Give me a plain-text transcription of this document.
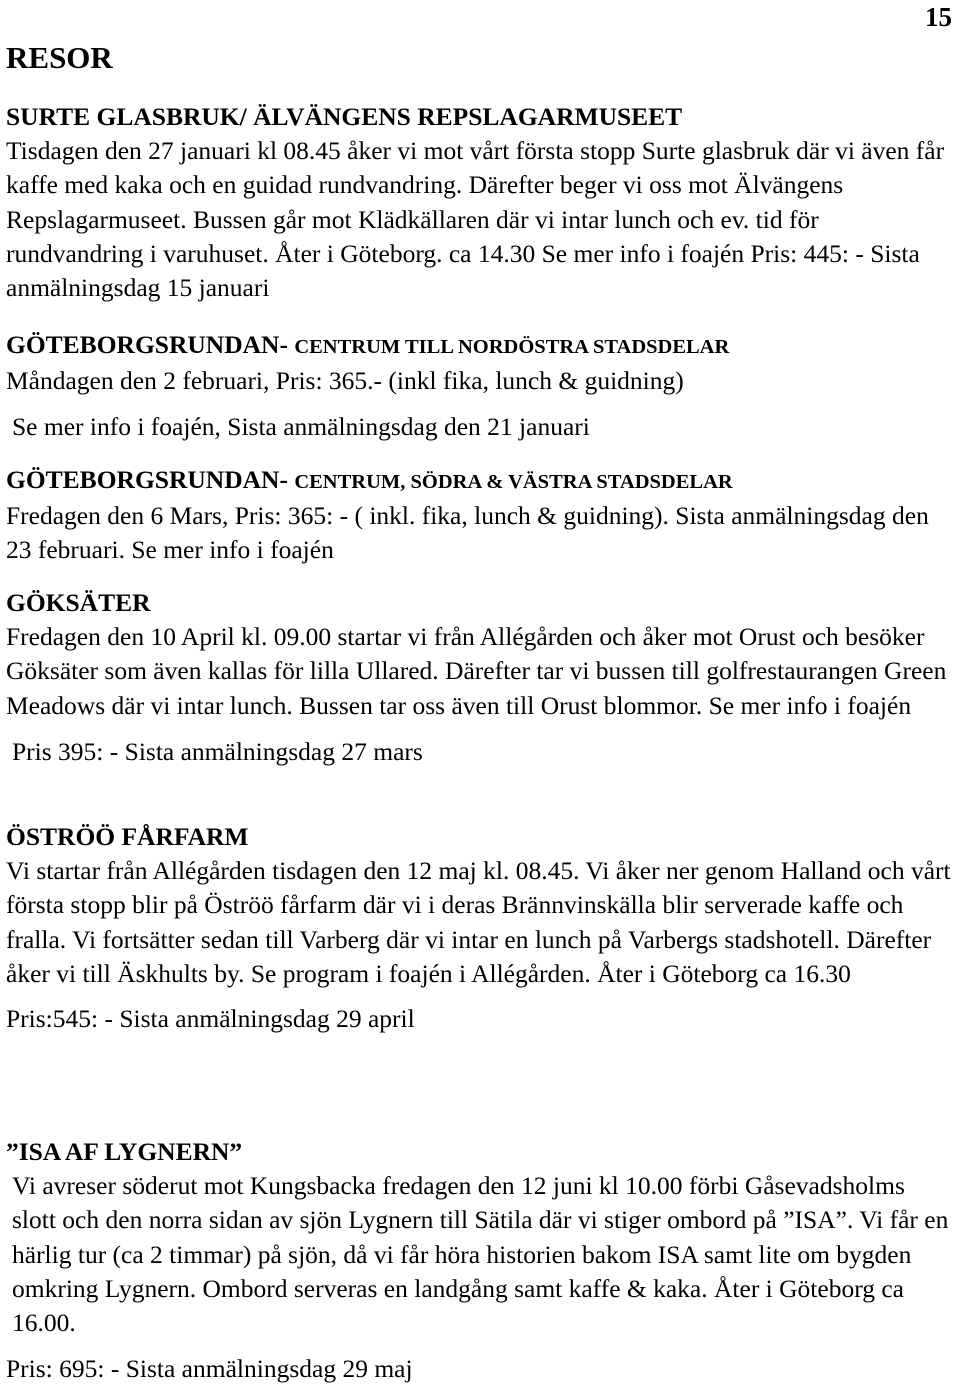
15
RESOR
SURTE GLASBRUK/ ÄLVÄNGENS REPSLAGARMUSEET

Tisdagen den 27 januari kl 08.45 åker vi mot vårt första stopp Surte glasbruk där vi även får kaffe med kaka och en guidad rundvandring. Därefter beger vi oss mot Älvängens Repslagarmuseet. Bussen går mot Klädkällaren där vi intar lunch och ev. tid för rundvandring i varuhuset. Åter i Göteborg. ca 14.30 Se mer info i foajén Pris: 445: - Sista anmälningsdag 15 januari

GÖTEBORGSRUNDAN- CENTRUM TILL NORDÖSTRA STADSDELAR

Måndagen den 2 februari, Pris: 365.- (inkl fika, lunch & guidning)

Se mer info i foajén, Sista anmälningsdag den 21 januari

GÖTEBORGSRUNDAN- CENTRUM, SÖDRA & VÄSTRA STADSDELAR

Fredagen den 6 Mars, Pris: 365: - ( inkl. fika, lunch & guidning). Sista anmälningsdag den 23 februari. Se mer info i foajén

GÖKSÄTER

Fredagen den 10 April kl. 09.00 startar vi från Allégården och åker mot Orust och besöker Göksäter som även kallas för lilla Ullared. Därefter tar vi bussen till golfrestaurangen Green Meadows där vi intar lunch. Bussen tar oss även till Orust blommor. Se mer info i foajén

Pris 395: - Sista anmälningsdag 27 mars

ÖSTRÖÖ FÅRFARM

Vi startar från Allégården tisdagen den 12 maj kl. 08.45. Vi åker ner genom Halland och vårt första stopp blir på Öströö fårfarm där vi i deras Brännvinskälla blir serverade kaffe och fralla. Vi fortsätter sedan till Varberg där vi intar en lunch på Varbergs stadshotell. Därefter åker vi till Äskhults by. Se program i foajén i Allégården. Åter i Göteborg ca 16.30

Pris:545: - Sista anmälningsdag 29 april

”ISA AF LYGNERN”

Vi avreser söderut mot Kungsbacka fredagen den 12 juni kl 10.00 förbi Gåsevadsholms slott och den norra sidan av sjön Lygnern till Sätila där vi stiger ombord på ”ISA”. Vi får en härlig tur (ca 2 timmar) på sjön, då vi får höra historien bakom ISA samt lite om bygden omkring Lygnern. Ombord serveras en landgång samt kaffe & kaka. Åter i Göteborg ca 16.00.

Pris: 695: - Sista anmälningsdag 29 maj
